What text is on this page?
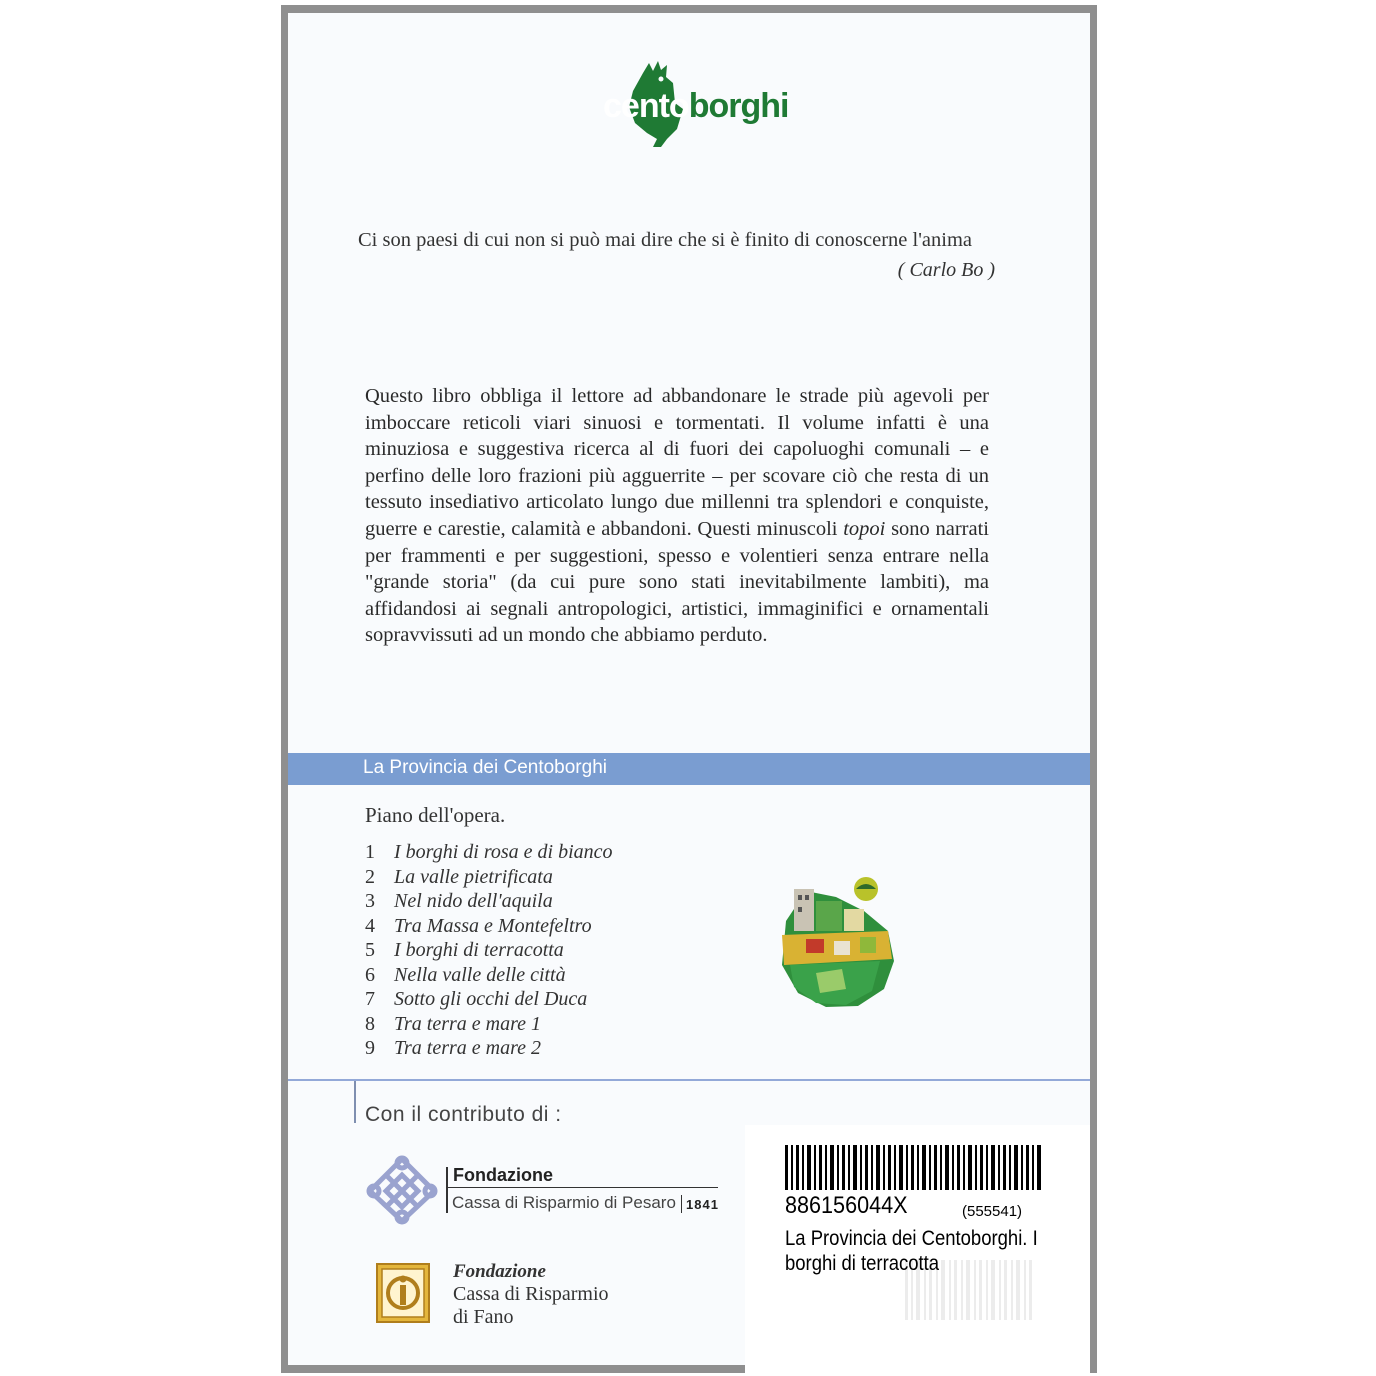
centoborghi
Ci son paesi di cui non si può mai dire che si è finito di conoscerne l'anima
( Carlo Bo )
Questo libro obbliga il lettore ad abbandonare le strade più agevoli per imboccare reticoli viari sinuosi e tormentati. Il volume infatti è una minuziosa e suggestiva ricerca al di fuori dei capoluoghi comunali – e perfino delle loro frazioni più agguerrite – per scovare ciò che resta di un tessuto insediativo articolato lungo due millenni tra splendori e conquiste, guerre e carestie, calamità e abbandoni. Questi minuscoli topoi sono narrati per frammenti e per suggestioni, spesso e volentieri senza entrare nella "grande storia" (da cui pure sono stati inevitabilmente lambiti), ma affidandosi ai segnali antropologici, artistici, immaginifici e ornamentali sopravvissuti ad un mondo che abbiamo perduto.
La Provincia dei Centoborghi
Piano dell'opera.
1 I borghi di rosa e di bianco
2 La valle pietrificata
3 Nel nido dell'aquila
4 Tra Massa e Montefeltro
5 I borghi di terracotta
6 Nella valle delle città
7 Sotto gli occhi del Duca
8 Tra terra e mare 1
9 Tra terra e mare 2
Con il contributo di :
Fondazione
Cassa di Risparmio di Pesaro 1841
Fondazione
Cassa di Risparmio
di Fano
886156044X	(555541)
La Provincia dei Centoborghi. I borghi di terracotta
